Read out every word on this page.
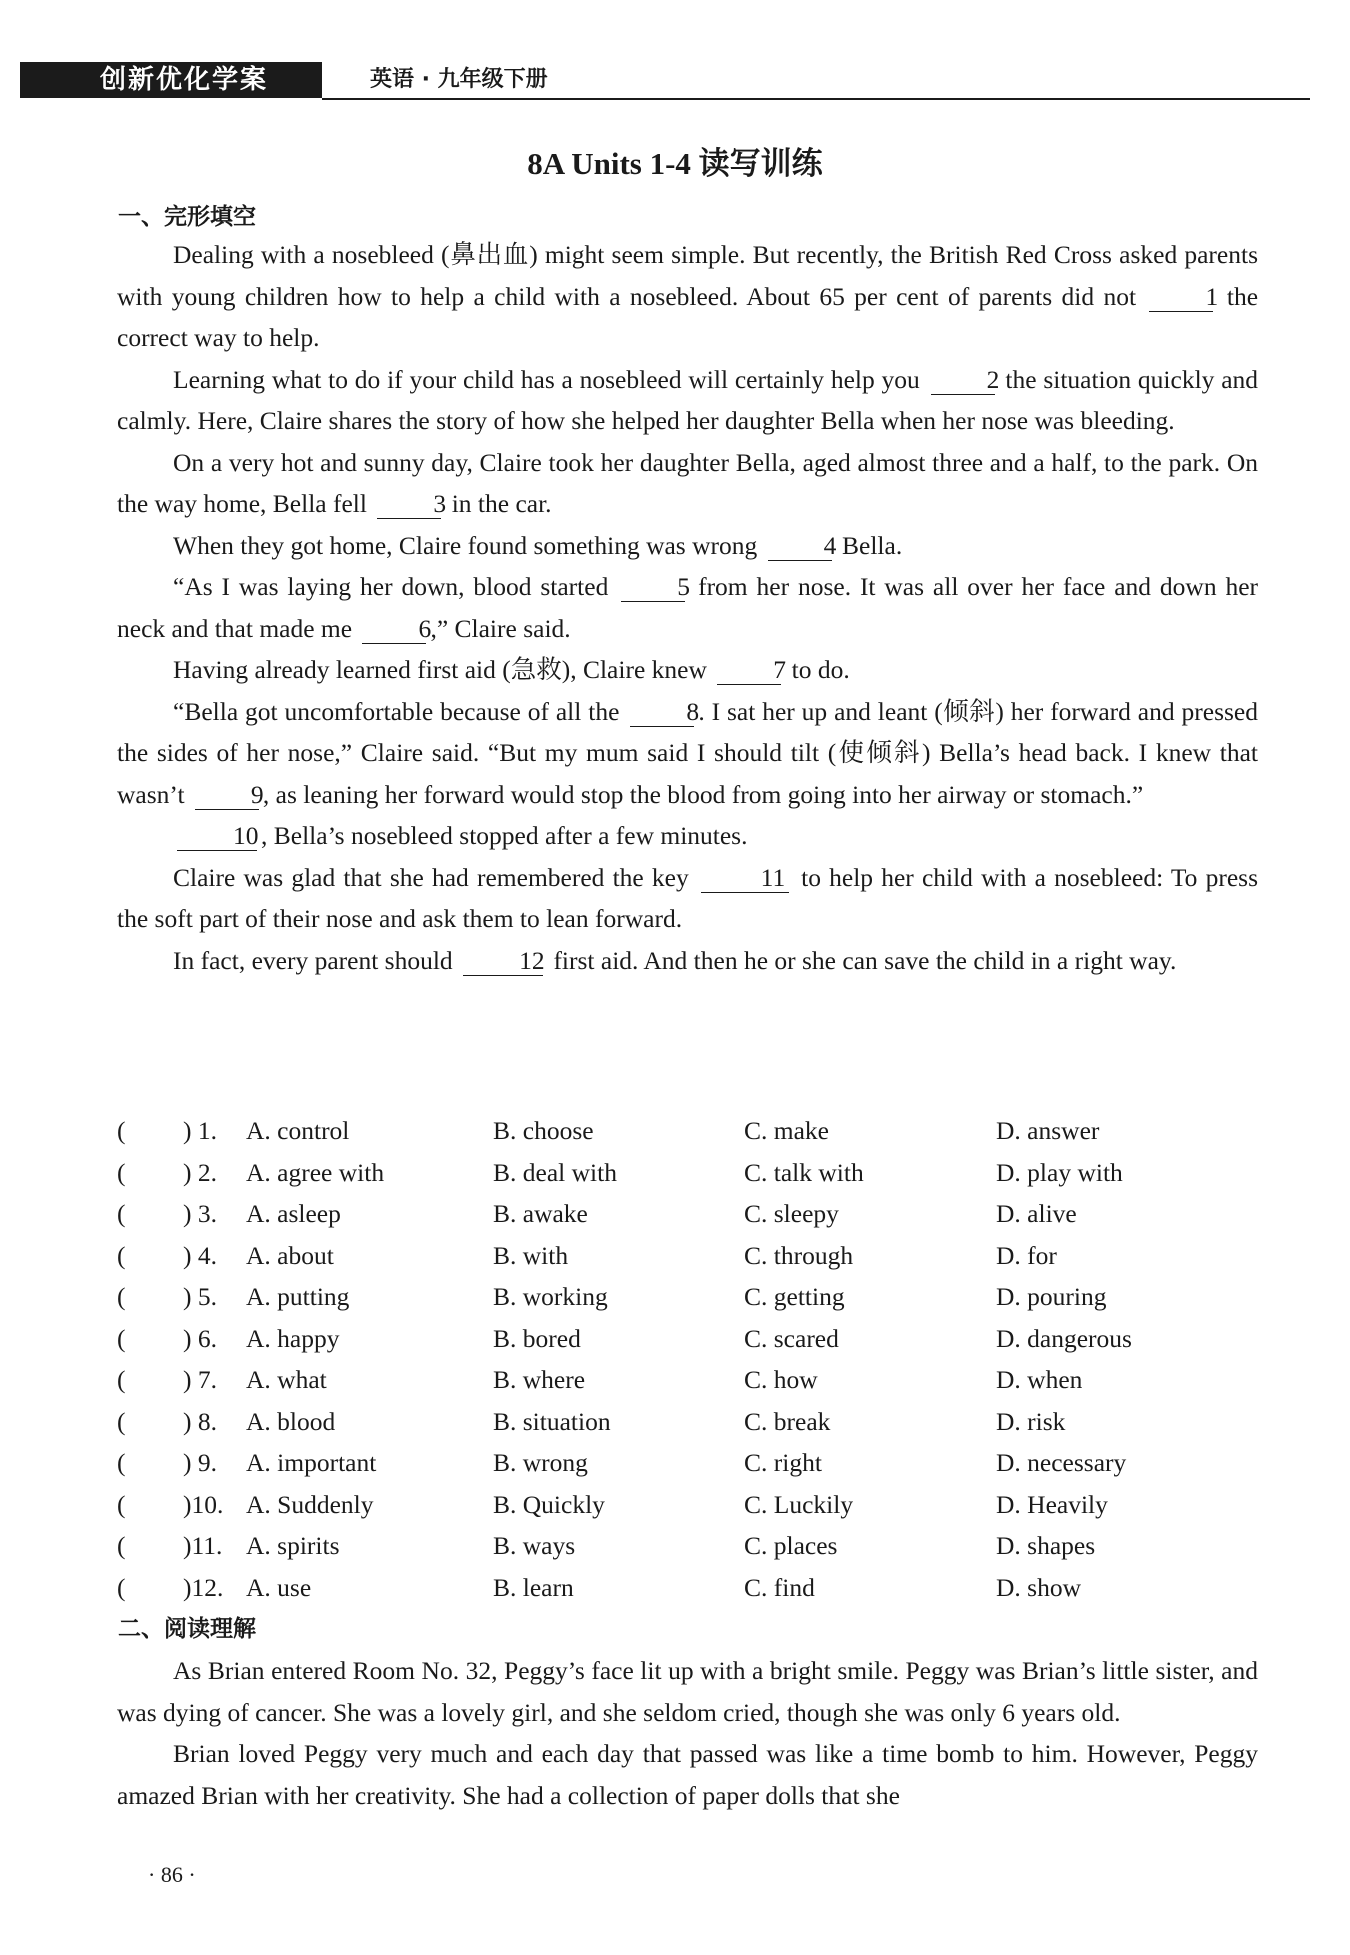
创新优化学案	英语 · 九年级下册
8A Units 1-4 读写训练
一、完形填空

Dealing with a nosebleed (鼻出血) might seem simple. But recently, the British Red Cross asked parents with young children how to help a child with a nosebleed. About 65 per cent of parents did not	1 the correct way to help.

Learning what to do if your child has a nosebleed will certainly help you	2 the situation quickly and calmly. Here, Claire shares the story of how she helped her daughter Bella when her nose was bleeding.

On a very hot and sunny day, Claire took her daughter Bella, aged almost three and a half, to the park. On the way home, Bella fell	3 in the car.

When they got home, Claire found something was wrong	4 Bella.

“As I was laying her down, blood started	5 from her nose. It was all over her face and down her neck and that made me	6,” Claire said.

Having already learned first aid (急救), Claire knew	7 to do.

“Bella got uncomfortable because of all the	8. I sat her up and leant (倾斜) her forward and pressed the sides of her nose,” Claire said. “But my mum said I should tilt (使倾斜) Bella’s head back. I knew that wasn’t	9, as leaning her forward would stop the blood from going into her airway or stomach.”

10, Bella’s nosebleed stopped after a few minutes.

Claire was glad that she had remembered the key	11 to help her child with a nosebleed: To press the soft part of their nose and ask them to lean forward.

In fact, every parent should	12 first aid. And then he or she can save the child in a right way.

( ) 1. A. control	B. choose	C. make	D. answer
( ) 2. A. agree with	B. deal with	C. talk with	D. play with
( ) 3. A. asleep	B. awake	C. sleepy	D. alive
( ) 4. A. about	B. with	C. through	D. for
( ) 5. A. putting	B. working	C. getting	D. pouring
( ) 6. A. happy	B. bored	C. scared	D. dangerous
( ) 7. A. what	B. where	C. how	D. when
( ) 8. A. blood	B. situation	C. break	D. risk
( ) 9. A. important	B. wrong	C. right	D. necessary
( )10. A. Suddenly	B. Quickly	C. Luckily	D. Heavily
( )11. A. spirits	B. ways	C. places	D. shapes
( )12. A. use	B. learn	C. find	D. show
二、阅读理解

As Brian entered Room No. 32, Peggy’s face lit up with a bright smile. Peggy was Brian’s little sister, and was dying of cancer. She was a lovely girl, and she seldom cried, though she was only 6 years old.

Brian loved Peggy very much and each day that passed was like a time bomb to him. However, Peggy amazed Brian with her creativity. She had a collection of paper dolls that she

· 86 ·
